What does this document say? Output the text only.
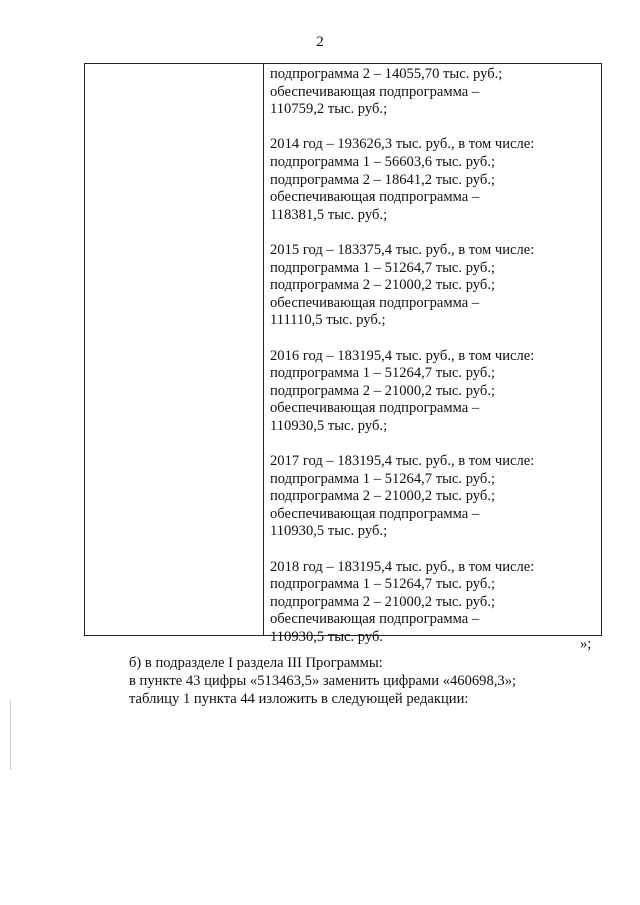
2
подпрограмма 2 – 14055,70 тыс. руб.;
обеспечивающая подпрограмма –
110759,2 тыс. руб.;
2014 год – 193626,3 тыс. руб., в том числе:
подпрограмма 1 – 56603,6 тыс. руб.;
подпрограмма 2 – 18641,2 тыс. руб.;
обеспечивающая подпрограмма –
118381,5 тыс. руб.;
2015 год – 183375,4 тыс. руб., в том числе:
подпрограмма 1 – 51264,7 тыс. руб.;
подпрограмма 2 – 21000,2 тыс. руб.;
обеспечивающая подпрограмма –
111110,5 тыс. руб.;
2016 год – 183195,4 тыс. руб., в том числе:
подпрограмма 1 – 51264,7 тыс. руб.;
подпрограмма 2 – 21000,2 тыс. руб.;
обеспечивающая подпрограмма –
110930,5 тыс. руб.;
2017 год – 183195,4 тыс. руб., в том числе:
подпрограмма 1 – 51264,7 тыс. руб.;
подпрограмма 2 – 21000,2 тыс. руб.;
обеспечивающая подпрограмма –
110930,5 тыс. руб.;
2018 год – 183195,4 тыс. руб., в том числе:
подпрограмма 1 – 51264,7 тыс. руб.;
подпрограмма 2 – 21000,2 тыс. руб.;
обеспечивающая подпрограмма –
110930,5 тыс. руб.	»;
б) в подразделе I раздела III Программы:
в пункте 43 цифры «513463,5» заменить цифрами «460698,3»;
таблицу 1 пункта 44 изложить в следующей редакции:
